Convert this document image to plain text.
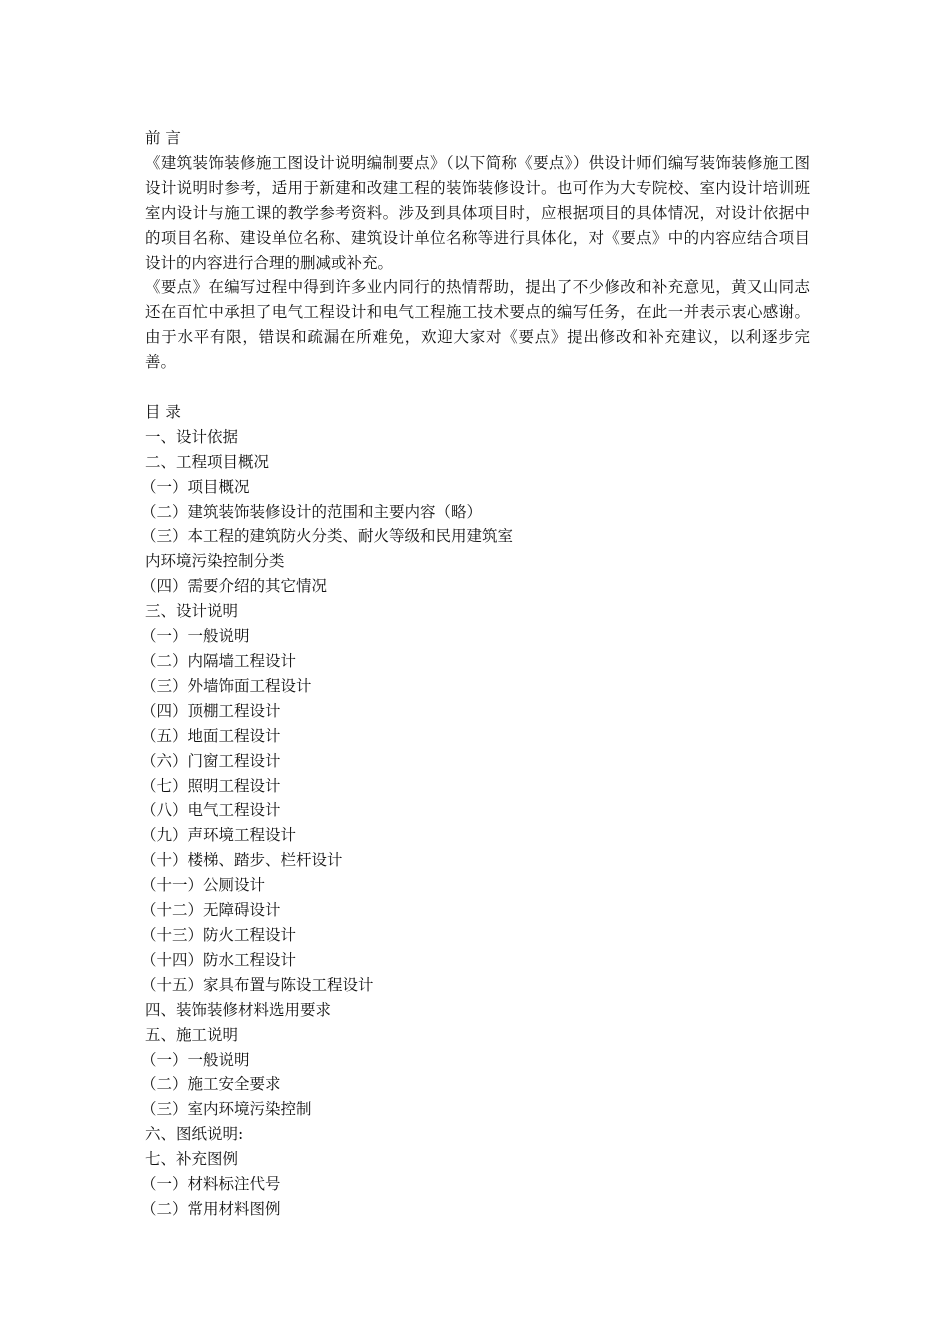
前 言

《建筑装饰装修施工图设计说明编制要点》（以下简称《要点》）供设计师们编写装饰装修施工图设计说明时参考，适用于新建和改建工程的装饰装修设计。也可作为大专院校、室内设计培训班室内设计与施工课的教学参考资料。涉及到具体项目时，应根据项目的具体情况，对设计依据中的项目名称、建设单位名称、建筑设计单位名称等进行具体化，对《要点》中的内容应结合项目设计的内容进行合理的删减或补充。

《要点》在编写过程中得到许多业内同行的热情帮助，提出了不少修改和补充意见，黄又山同志还在百忙中承担了电气工程设计和电气工程施工技术要点的编写任务，在此一并表示衷心感谢。由于水平有限，错误和疏漏在所难免，欢迎大家对《要点》提出修改和补充建议，以利逐步完善。

目 录
一、设计依据
二、工程项目概况
（一）项目概况
（二）建筑装饰装修设计的范围和主要内容（略）
（三）本工程的建筑防火分类、耐火等级和民用建筑室
内环境污染控制分类
（四）需要介绍的其它情况
三、设计说明
（一）一般说明
（二）内隔墙工程设计
（三）外墙饰面工程设计
（四）顶棚工程设计
（五）地面工程设计
（六）门窗工程设计
（七）照明工程设计
（八）电气工程设计
（九）声环境工程设计
（十）楼梯、踏步、栏杆设计
（十一）公厕设计
（十二）无障碍设计
（十三）防火工程设计
（十四）防水工程设计
（十五）家具布置与陈设工程设计
四、装饰装修材料选用要求
五、施工说明
（一）一般说明
（二）施工安全要求
（三）室内环境污染控制
六、图纸说明:
七、补充图例
（一）材料标注代号
（二）常用材料图例
